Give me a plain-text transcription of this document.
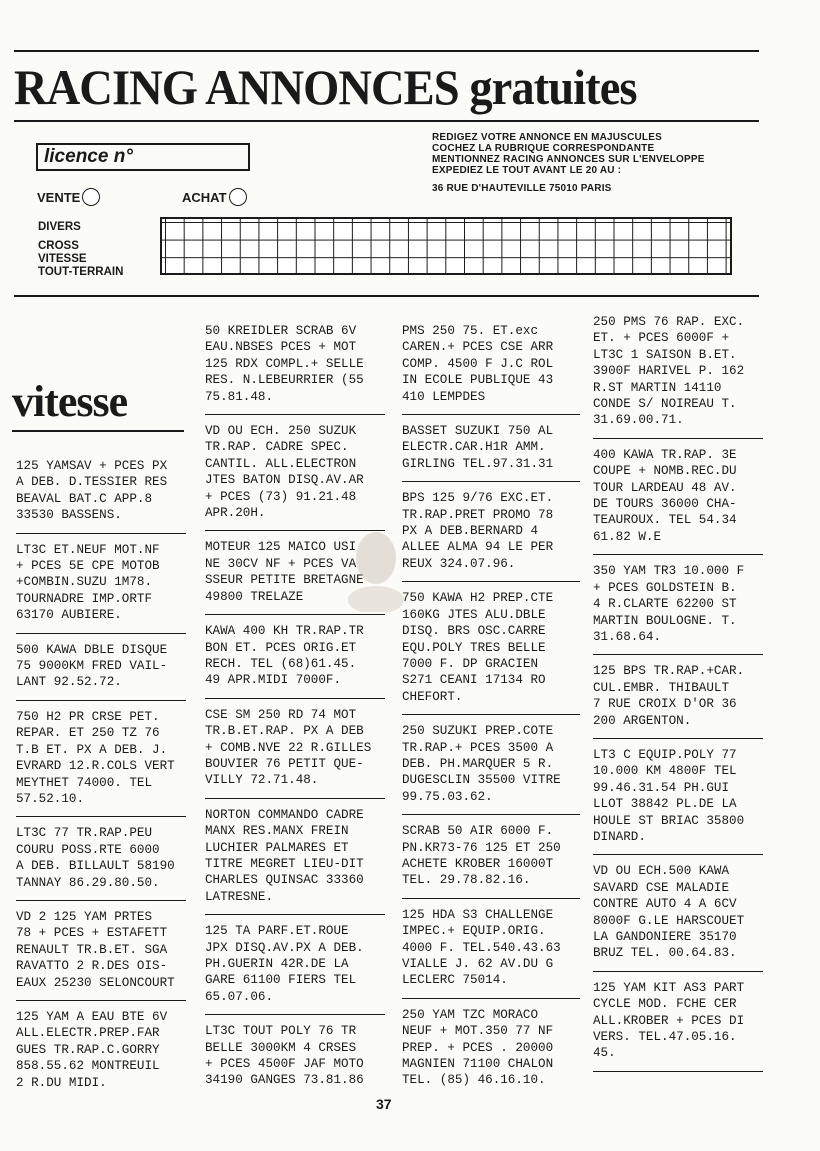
RACING ANNONCES gratuites
licence n°
REDIGEZ VOTRE ANNONCE EN MAJUSCULES
COCHEZ LA RUBRIQUE CORRESPONDANTE
MENTIONNEZ RACING ANNONCES SUR L'ENVELOPPE
EXPEDIEZ LE TOUT AVANT LE 20 AU :
36 RUE D'HAUTEVILLE 75010 PARIS
VENTE	ACHAT
DIVERS
CROSS
VITESSE
TOUT-TERRAIN
vitesse
125 YAMSAV + PCES PX
A DEB. D.TESSIER RES
BEAVAL BAT.C APP.8
33530 BASSENS.
LT3C ET.NEUF MOT.NF
+ PCES 5E CPE MOTOB
+COMBIN.SUZU 1M78.
TOURNADRE IMP.ORTF
63170 AUBIERE.
500 KAWA DBLE DISQUE
75 9000KM FRED VAIL-
LANT 92.52.72.
750 H2 PR CRSE PET.
REPAR. ET 250 TZ 76
T.B ET. PX A DEB. J.
EVRARD 12.R.COLS VERT
MEYTHET 74000. TEL
57.52.10.
LT3C 77 TR.RAP.PEU
COURU POSS.RTE 6000
A DEB. BILLAULT 58190
TANNAY 86.29.80.50.
VD 2 125 YAM PRTES
78 + PCES + ESTAFETT
RENAULT TR.B.ET. SGA
RAVATTO 2 R.DES OIS-
EAUX 25230 SELONCOURT
125 YAM A EAU BTE 6V
ALL.ELECTR.PREP.FAR
GUES TR.RAP.C.GORRY
858.55.62 MONTREUIL
2 R.DU MIDI.
50 KREIDLER SCRAB 6V
EAU.NBSES PCES + MOT
125 RDX COMPL.+ SELLE
RES. N.LEBEURRIER (55
75.81.48.
VD OU ECH. 250 SUZUK
TR.RAP. CADRE SPEC.
CANTIL. ALL.ELECTRON
JTES BATON DISQ.AV.AR
+ PCES (73) 91.21.48
APR.20H.
MOTEUR 125 MAICO USI
NE 30CV NF + PCES VA
SSEUR PETITE BRETAGNE
49800 TRELAZE
KAWA 400 KH TR.RAP.TR
BON ET. PCES ORIG.ET
RECH. TEL (68)61.45.
49 APR.MIDI 7000F.
CSE SM 250 RD 74 MOT
TR.B.ET.RAP. PX A DEB
+ COMB.NVE 22 R.GILLES
BOUVIER 76 PETIT QUE-
VILLY 72.71.48.
NORTON COMMANDO CADRE
MANX RES.MANX FREIN
LUCHIER PALMARES ET
TITRE MEGRET LIEU-DIT
CHARLES QUINSAC 33360
LATRESNE.
125 TA PARF.ET.ROUE
JPX DISQ.AV.PX A DEB.
PH.GUERIN 42R.DE LA
GARE 61100 FIERS TEL
65.07.06.
LT3C TOUT POLY 76 TR
BELLE 3000KM 4 CRSES
+ PCES 4500F JAF MOTO
34190 GANGES 73.81.86
PMS 250 75. ET.exc
CAREN.+ PCES CSE ARR
COMP. 4500 F J.C ROL
IN ECOLE PUBLIQUE 43
410 LEMPDES
BASSET SUZUKI 750 AL
ELECTR.CAR.H1R AMM.
GIRLING TEL.97.31.31
BPS 125 9/76 EXC.ET.
TR.RAP.PRET PROMO 78
PX A DEB.BERNARD 4
ALLEE ALMA 94 LE PER
REUX 324.07.96.
750 KAWA H2 PREP.CTE
160KG JTES ALU.DBLE
DISQ. BRS OSC.CARRE
EQU.POLY TRES BELLE
7000 F. DP GRACIEN
S271 CEANI 17134 RO
CHEFORT.
250 SUZUKI PREP.COTE
TR.RAP.+ PCES 3500 A
DEB. PH.MARQUER 5 R.
DUGESCLIN 35500 VITRE
99.75.03.62.
SCRAB 50 AIR 6000 F.
PN.KR73-76 125 ET 250
ACHETE KROBER 16000T
TEL. 29.78.82.16.
125 HDA S3 CHALLENGE
IMPEC.+ EQUIP.ORIG.
4000 F. TEL.540.43.63
VIALLE J. 62 AV.DU G
LECLERC 75014.
250 YAM TZC MORACO
NEUF + MOT.350 77 NF
PREP. + PCES . 20000
MAGNIEN 71100 CHALON
TEL. (85) 46.16.10.
250 PMS 76 RAP. EXC.
ET. + PCES 6000F +
LT3C 1 SAISON B.ET.
3900F HARIVEL P. 162
R.ST MARTIN 14110
CONDE S/ NOIREAU T.
31.69.00.71.
400 KAWA TR.RAP. 3E
COUPE + NOMB.REC.DU
TOUR LARDEAU 48 AV.
DE TOURS 36000 CHA-
TEAUROUX. TEL 54.34
61.82 W.E
350 YAM TR3 10.000 F
+ PCES GOLDSTEIN B.
4 R.CLARTE 62200 ST
MARTIN BOULOGNE. T.
31.68.64.
125 BPS TR.RAP.+CAR.
CUL.EMBR. THIBAULT
7 RUE CROIX D'OR 36
200 ARGENTON.
LT3 C EQUIP.POLY 77
10.000 KM 4800F TEL
99.46.31.54 PH.GUI
LLOT 38842 PL.DE LA
HOULE ST BRIAC 35800
DINARD.
VD OU ECH.500 KAWA
SAVARD CSE MALADIE
CONTRE AUTO 4 A 6CV
8000F G.LE HARSCOUET
LA GANDONIERE 35170
BRUZ TEL. 00.64.83.
125 YAM KIT AS3 PART
CYCLE MOD. FCHE CER
ALL.KROBER + PCES DI
VERS. TEL.47.05.16.
45.
37
